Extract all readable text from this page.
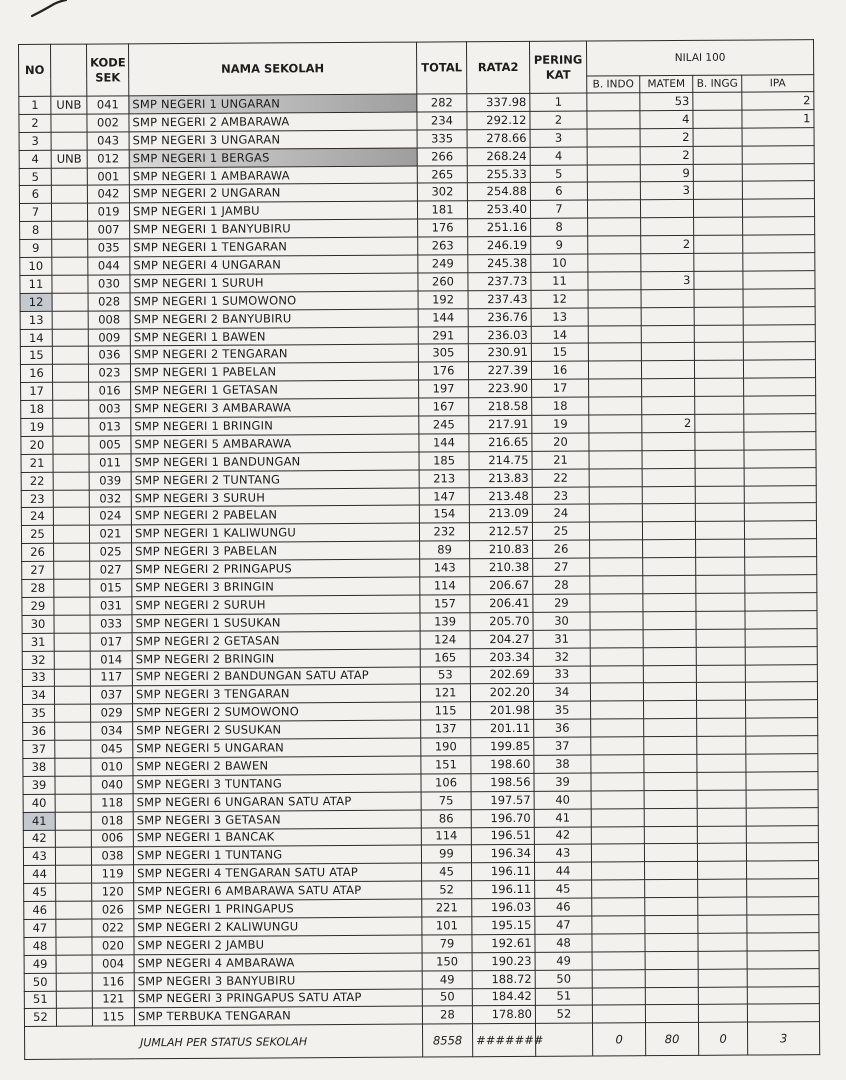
NO		KODE SEK	NAMA SEKOLAH	TOTAL	RATA2	PERING KAT	NILAI 100			
							B. INDO	MATEM	B. INGG	IPA
1	UNB	041	SMP NEGERI 1 UNGARAN	282	337.98	1		53		2
2		002	SMP NEGERI 2 AMBARAWA	234	292.12	2		4		1
3		043	SMP NEGERI 3 UNGARAN	335	278.66	3		2		
4	UNB	012	SMP NEGERI 1 BERGAS	266	268.24	4		2		
5		001	SMP NEGERI 1 AMBARAWA	265	255.33	5		9		
6		042	SMP NEGERI 2 UNGARAN	302	254.88	6		3		
7		019	SMP NEGERI 1 JAMBU	181	253.40	7				
8		007	SMP NEGERI 1 BANYUBIRU	176	251.16	8				
9		035	SMP NEGERI 1 TENGARAN	263	246.19	9		2		
10		044	SMP NEGERI 4 UNGARAN	249	245.38	10				
11		030	SMP NEGERI 1 SURUH	260	237.73	11		3		
12		028	SMP NEGERI 1 SUMOWONO	192	237.43	12				
13		008	SMP NEGERI 2 BANYUBIRU	144	236.76	13				
14		009	SMP NEGERI 1 BAWEN	291	236.03	14				
15		036	SMP NEGERI 2 TENGARAN	305	230.91	15				
16		023	SMP NEGERI 1 PABELAN	176	227.39	16				
17		016	SMP NEGERI 1 GETASAN	197	223.90	17				
18		003	SMP NEGERI 3 AMBARAWA	167	218.58	18				
19		013	SMP NEGERI 1 BRINGIN	245	217.91	19		2		
20		005	SMP NEGERI 5 AMBARAWA	144	216.65	20				
21		011	SMP NEGERI 1 BANDUNGAN	185	214.75	21				
22		039	SMP NEGERI 2 TUNTANG	213	213.83	22				
23		032	SMP NEGERI 3 SURUH	147	213.48	23				
24		024	SMP NEGERI 2 PABELAN	154	213.09	24				
25		021	SMP NEGERI 1 KALIWUNGU	232	212.57	25				
26		025	SMP NEGERI 3 PABELAN	89	210.83	26				
27		027	SMP NEGERI 2 PRINGAPUS	143	210.38	27				
28		015	SMP NEGERI 3 BRINGIN	114	206.67	28				
29		031	SMP NEGERI 2 SURUH	157	206.41	29				
30		033	SMP NEGERI 1 SUSUKAN	139	205.70	30				
31		017	SMP NEGERI 2 GETASAN	124	204.27	31				
32		014	SMP NEGERI 2 BRINGIN	165	203.34	32				
33		117	SMP NEGERI 2 BANDUNGAN SATU ATAP	53	202.69	33				
34		037	SMP NEGERI 3 TENGARAN	121	202.20	34				
35		029	SMP NEGERI 2 SUMOWONO	115	201.98	35				
36		034	SMP NEGERI 2 SUSUKAN	137	201.11	36				
37		045	SMP NEGERI 5 UNGARAN	190	199.85	37				
38		010	SMP NEGERI 2 BAWEN	151	198.60	38				
39		040	SMP NEGERI 3 TUNTANG	106	198.56	39				
40		118	SMP NEGERI 6 UNGARAN SATU ATAP	75	197.57	40				
41		018	SMP NEGERI 3 GETASAN	86	196.70	41				
42		006	SMP NEGERI 1 BANCAK	114	196.51	42				
43		038	SMP NEGERI 1 TUNTANG	99	196.34	43				
44		119	SMP NEGERI 4 TENGARAN SATU ATAP	45	196.11	44				
45		120	SMP NEGERI 6 AMBARAWA SATU ATAP	52	196.11	45				
46		026	SMP NEGERI 1 PRINGAPUS	221	196.03	46				
47		022	SMP NEGERI 2 KALIWUNGU	101	195.15	47				
48		020	SMP NEGERI 2 JAMBU	79	192.61	48				
49		004	SMP NEGERI 4 AMBARAWA	150	190.23	49				
50		116	SMP NEGERI 3 BANYUBIRU	49	188.72	50				
51		121	SMP NEGERI 3 PRINGAPUS SATU ATAP	50	184.42	51				
52		115	SMP TERBUKA TENGARAN	28	178.80	52				
JUMLAH PER STATUS SEKOLAH				8558	#######		0	80	0	3
